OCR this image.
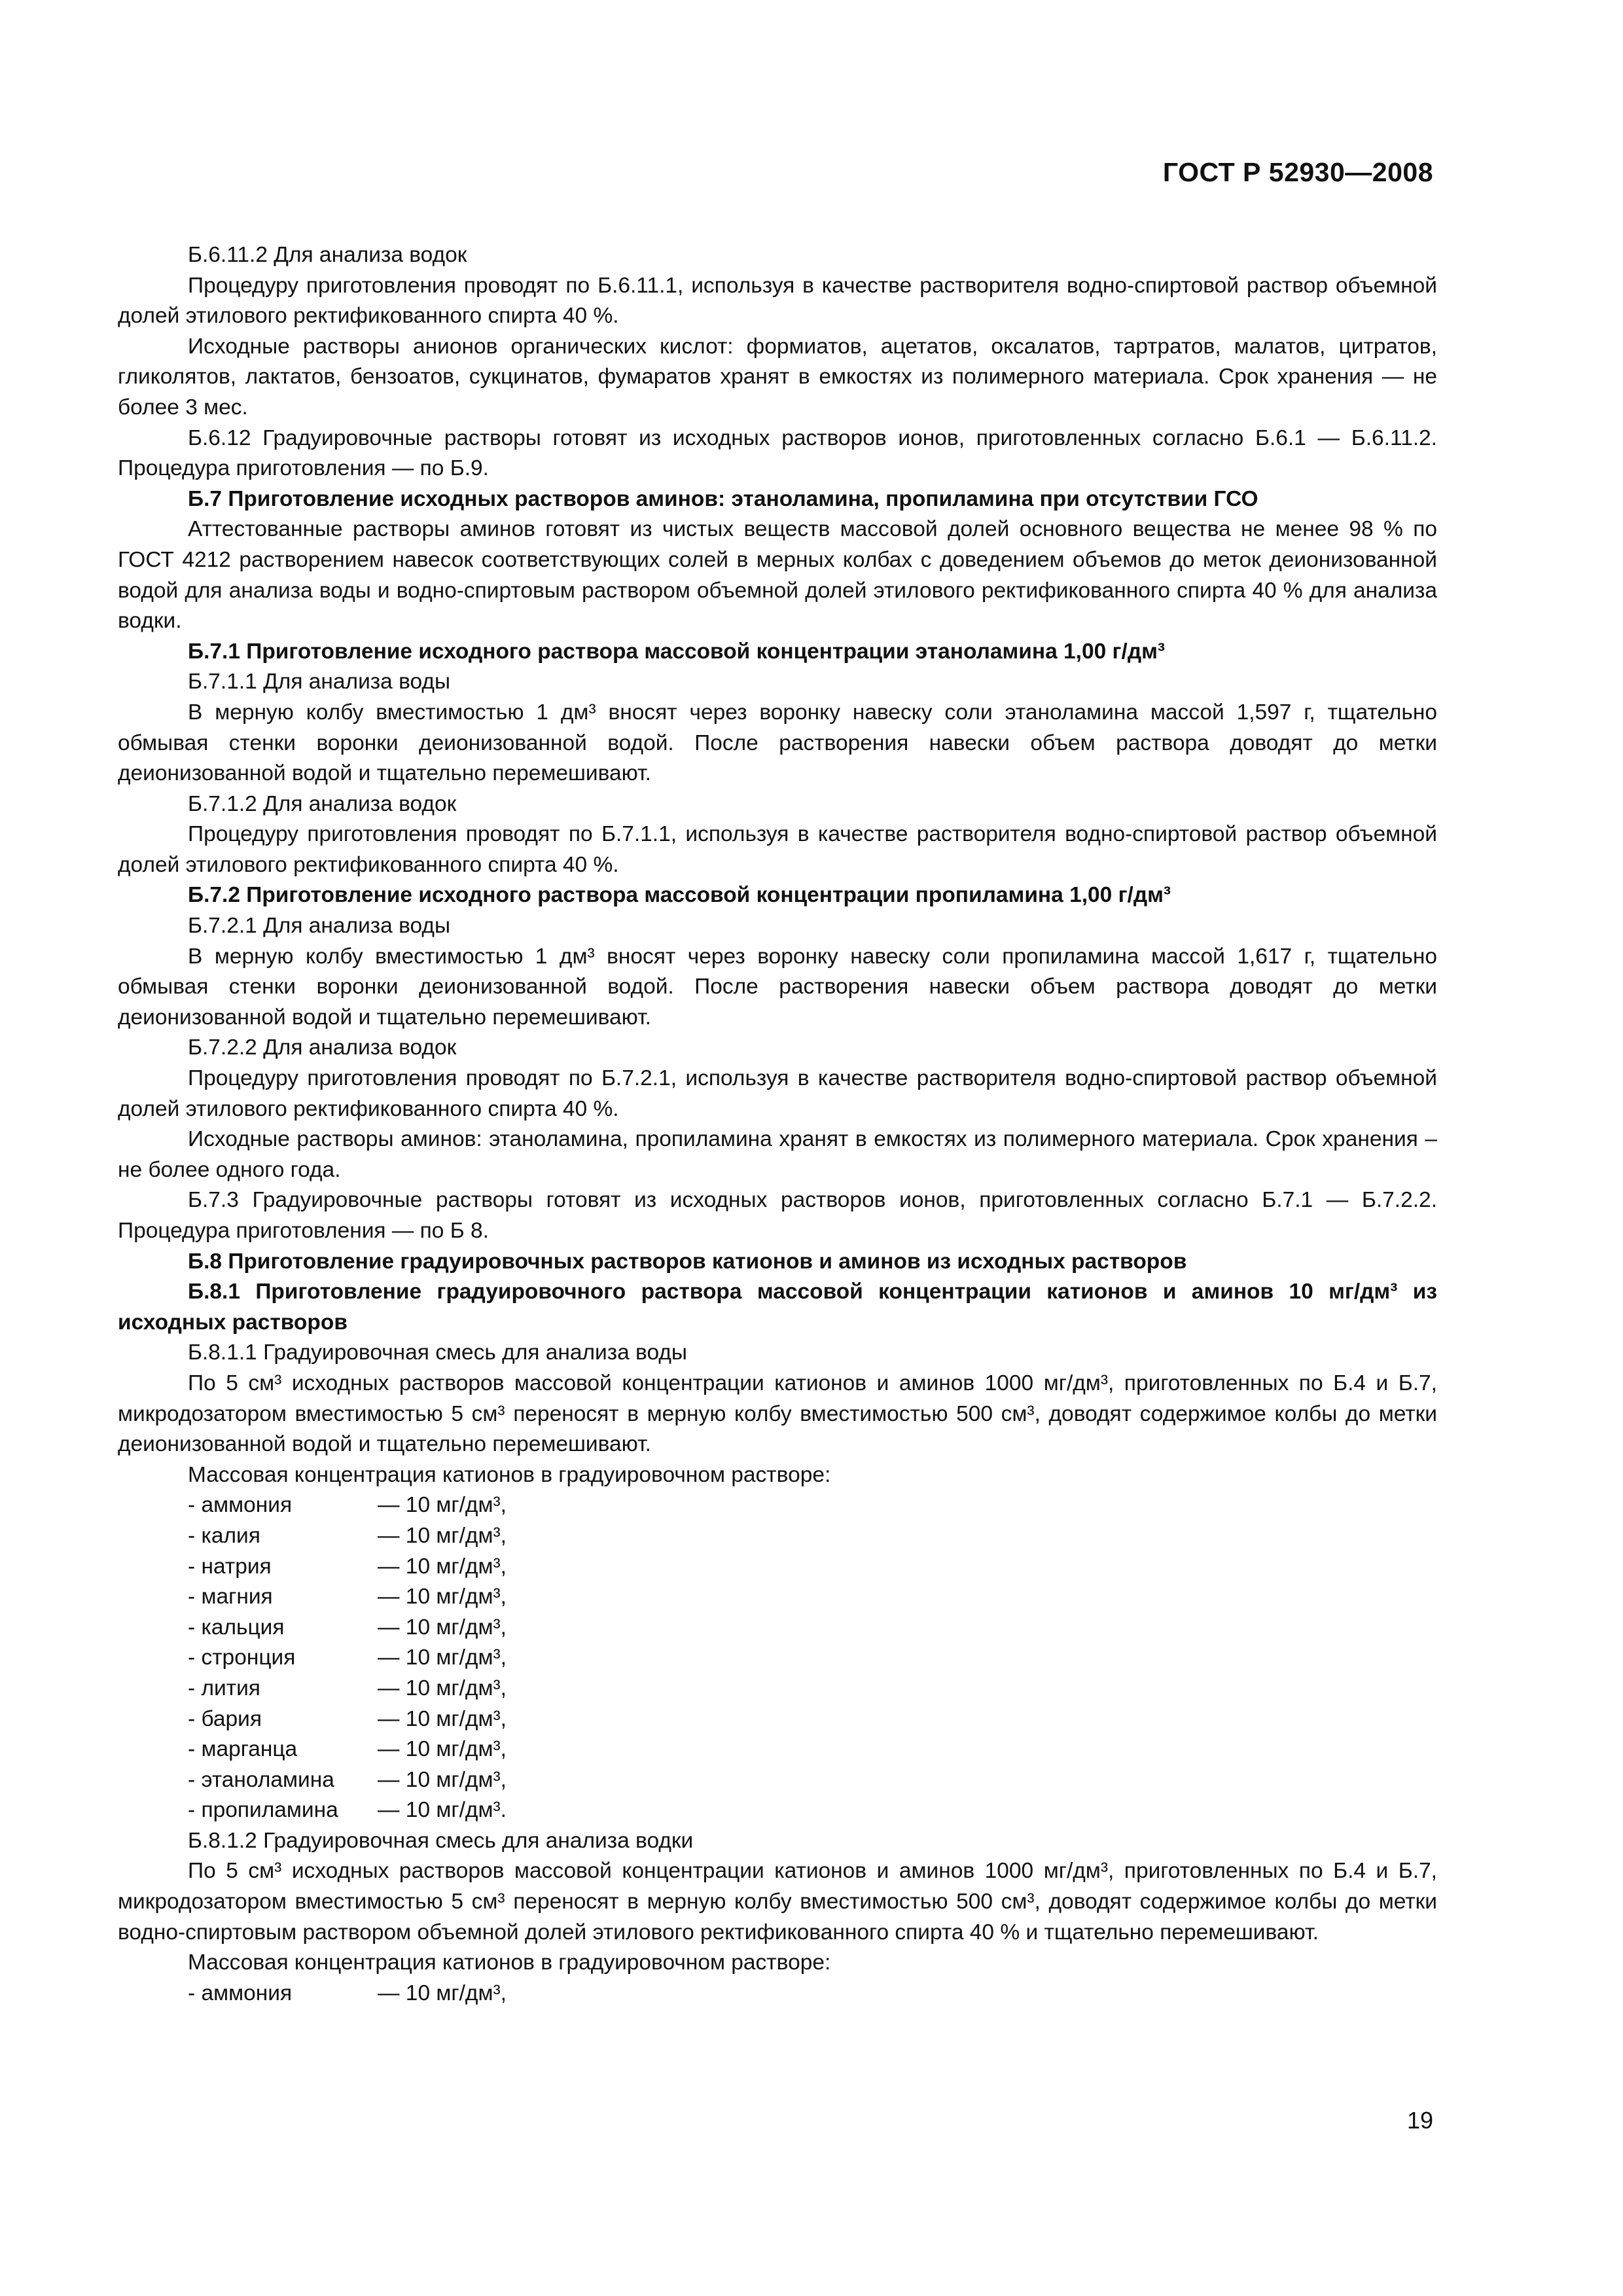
ГОСТ Р 52930—2008

Б.6.11.2 Для анализа водок

Процедуру приготовления проводят по Б.6.11.1, используя в качестве растворителя водно-спиртовой раствор объемной долей этилового ректификованного спирта 40 %.

Исходные растворы анионов органических кислот: формиатов, ацетатов, оксалатов, тартратов, малатов, цитратов, гликолятов, лактатов, бензоатов, сукцинатов, фумаратов хранят в емкостях из полимерного материала. Срок хранения — не более 3 мес.

Б.6.12 Градуировочные растворы готовят из исходных растворов ионов, приготовленных согласно Б.6.1 — Б.6.11.2. Процедура приготовления — по Б.9.

Б.7 Приготовление исходных растворов аминов: этаноламина, пропиламина при отсутствии ГСО

Аттестованные растворы аминов готовят из чистых веществ массовой долей основного вещества не менее 98 % по ГОСТ 4212 растворением навесок соответствующих солей в мерных колбах с доведением объемов до меток деионизованной водой для анализа воды и водно-спиртовым раствором объемной долей этилового ректификованного спирта 40 % для анализа водки.

Б.7.1 Приготовление исходного раствора массовой концентрации этаноламина 1,00 г/дм³

Б.7.1.1 Для анализа воды

В мерную колбу вместимостью 1 дм³ вносят через воронку навеску соли этаноламина массой 1,597 г, тщательно обмывая стенки воронки деионизованной водой. После растворения навески объем раствора доводят до метки деионизованной водой и тщательно перемешивают.

Б.7.1.2 Для анализа водок

Процедуру приготовления проводят по Б.7.1.1, используя в качестве растворителя водно-спиртовой раствор объемной долей этилового ректификованного спирта 40 %.

Б.7.2 Приготовление исходного раствора массовой концентрации пропиламина 1,00 г/дм³

Б.7.2.1 Для анализа воды

В мерную колбу вместимостью 1 дм³ вносят через воронку навеску соли пропиламина массой 1,617 г, тщательно обмывая стенки воронки деионизованной водой. После растворения навески объем раствора доводят до метки деионизованной водой и тщательно перемешивают.

Б.7.2.2 Для анализа водок

Процедуру приготовления проводят по Б.7.2.1, используя в качестве растворителя водно-спиртовой раствор объемной долей этилового ректификованного спирта 40 %.

Исходные растворы аминов: этаноламина, пропиламина хранят в емкостях из полимерного материала. Срок хранения – не более одного года.

Б.7.3 Градуировочные растворы готовят из исходных растворов ионов, приготовленных согласно Б.7.1 — Б.7.2.2. Процедура приготовления — по Б 8.

Б.8 Приготовление градуировочных растворов катионов и аминов из исходных растворов

Б.8.1 Приготовление градуировочного раствора массовой концентрации катионов и аминов 10 мг/дм³ из исходных растворов

Б.8.1.1 Градуировочная смесь для анализа воды

По 5 см³ исходных растворов массовой концентрации катионов и аминов 1000 мг/дм³, приготовленных по Б.4 и Б.7, микродозатором вместимостью 5 см³ переносят в мерную колбу вместимостью 500 см³, доводят содержимое колбы до метки деионизованной водой и тщательно перемешивают.

Массовая концентрация катионов в градуировочном растворе:

- аммония	— 10 мг/дм³,
- калия	— 10 мг/дм³,
- натрия	— 10 мг/дм³,
- магния	— 10 мг/дм³,
- кальция	— 10 мг/дм³,
- стронция	— 10 мг/дм³,
- лития	— 10 мг/дм³,
- бария	— 10 мг/дм³,
- марганца	— 10 мг/дм³,
- этаноламина	— 10 мг/дм³,
- пропиламина	— 10 мг/дм³.

Б.8.1.2 Градуировочная смесь для анализа водки

По 5 см³ исходных растворов массовой концентрации катионов и аминов 1000 мг/дм³, приготовленных по Б.4 и Б.7, микродозатором вместимостью 5 см³ переносят в мерную колбу вместимостью 500 см³, доводят содержимое колбы до метки водно-спиртовым раствором объемной долей этилового ректификованного спирта 40 % и тщательно перемешивают.

Массовая концентрация катионов в градуировочном растворе:

- аммония	— 10 мг/дм³,
19
